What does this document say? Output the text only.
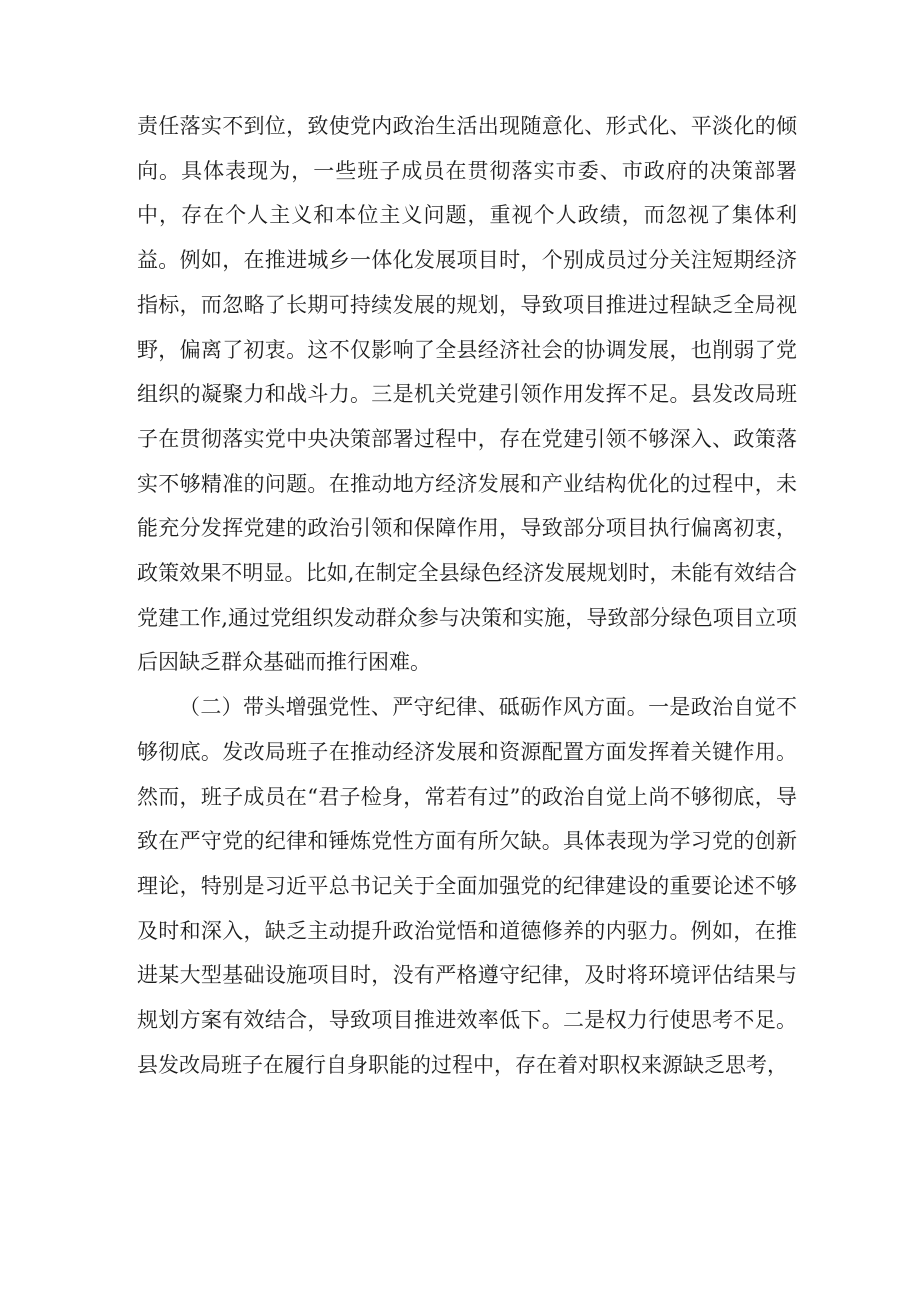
责任落实不到位，致使党内政治生活出现随意化、形式化、平淡化的倾向。具体表现为，一些班子成员在贯彻落实市委、市政府的决策部署中，存在个人主义和本位主义问题，重视个人政绩，而忽视了集体利益。例如，在推进城乡一体化发展项目时，个别成员过分关注短期经济指标，而忽略了长期可持续发展的规划，导致项目推进过程缺乏全局视野，偏离了初衷。这不仅影响了全县经济社会的协调发展，也削弱了党组织的凝聚力和战斗力。三是机关党建引领作用发挥不足。县发改局班子在贯彻落实党中央决策部署过程中，存在党建引领不够深入、政策落实不够精准的问题。在推动地方经济发展和产业结构优化的过程中，未能充分发挥党建的政治引领和保障作用，导致部分项目执行偏离初衷，政策效果不明显。比如,在制定全县绿色经济发展规划时，未能有效结合党建工作,通过党组织发动群众参与决策和实施，导致部分绿色项目立项后因缺乏群众基础而推行困难。

（二）带头增强党性、严守纪律、砥砺作风方面。一是政治自觉不够彻底。发改局班子在推动经济发展和资源配置方面发挥着关键作用。然而，班子成员在“君子检身，常若有过”的政治自觉上尚不够彻底，导致在严守党的纪律和锤炼党性方面有所欠缺。具体表现为学习党的创新理论，特别是习近平总书记关于全面加强党的纪律建设的重要论述不够及时和深入，缺乏主动提升政治觉悟和道德修养的内驱力。例如，在推进某大型基础设施项目时，没有严格遵守纪律，及时将环境评估结果与规划方案有效结合，导致项目推进效率低下。二是权力行使思考不足。县发改局班子在履行自身职能的过程中，存在着对职权来源缺乏思考，
